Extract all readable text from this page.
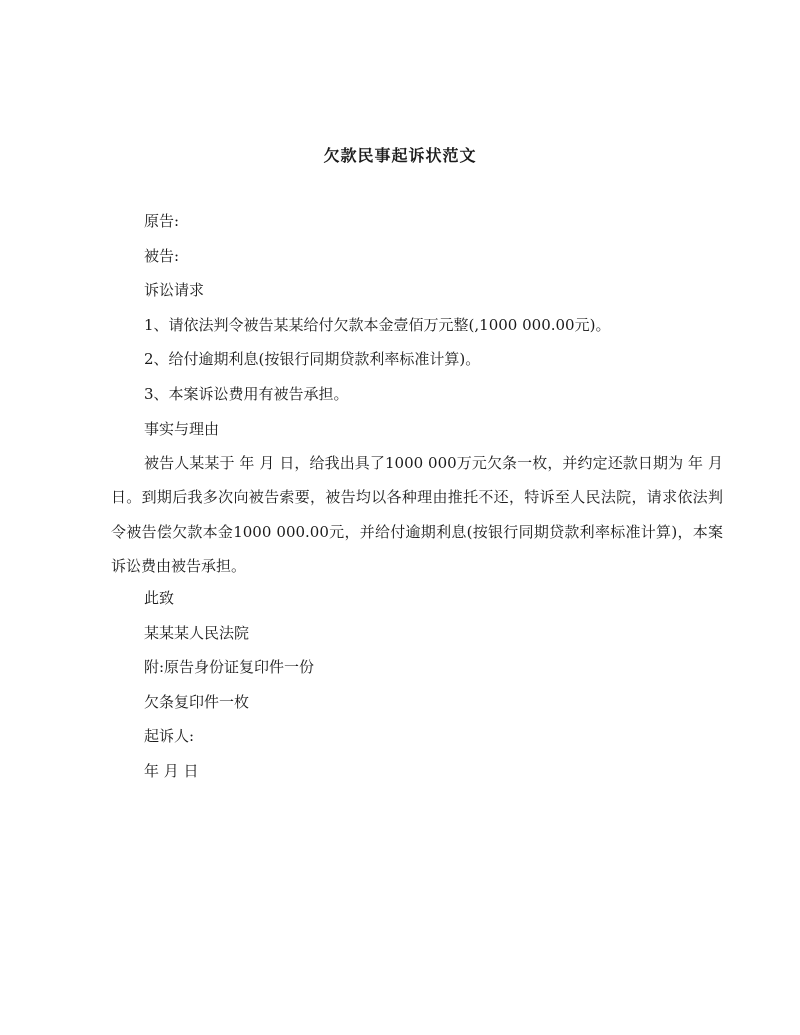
欠款民事起诉状范文

原告:

被告:

诉讼请求

1、请依法判令被告某某给付欠款本金壹佰万元整(,1000 000.00元)。

2、给付逾期利息(按银行同期贷款利率标准计算)。

3、本案诉讼费用有被告承担。

事实与理由

被告人某某于 年 月 日，给我出具了1000 000万元欠条一枚，并约定还款日期为 年 月 日。到期后我多次向被告索要，被告均以各种理由推托不还，特诉至人民法院，请求依法判令被告偿欠款本金1000 000.00元，并给付逾期利息(按银行同期贷款利率标准计算)，本案诉讼费由被告承担。

此致

某某某人民法院

附:原告身份证复印件一份

欠条复印件一枚

起诉人:

年 月 日
